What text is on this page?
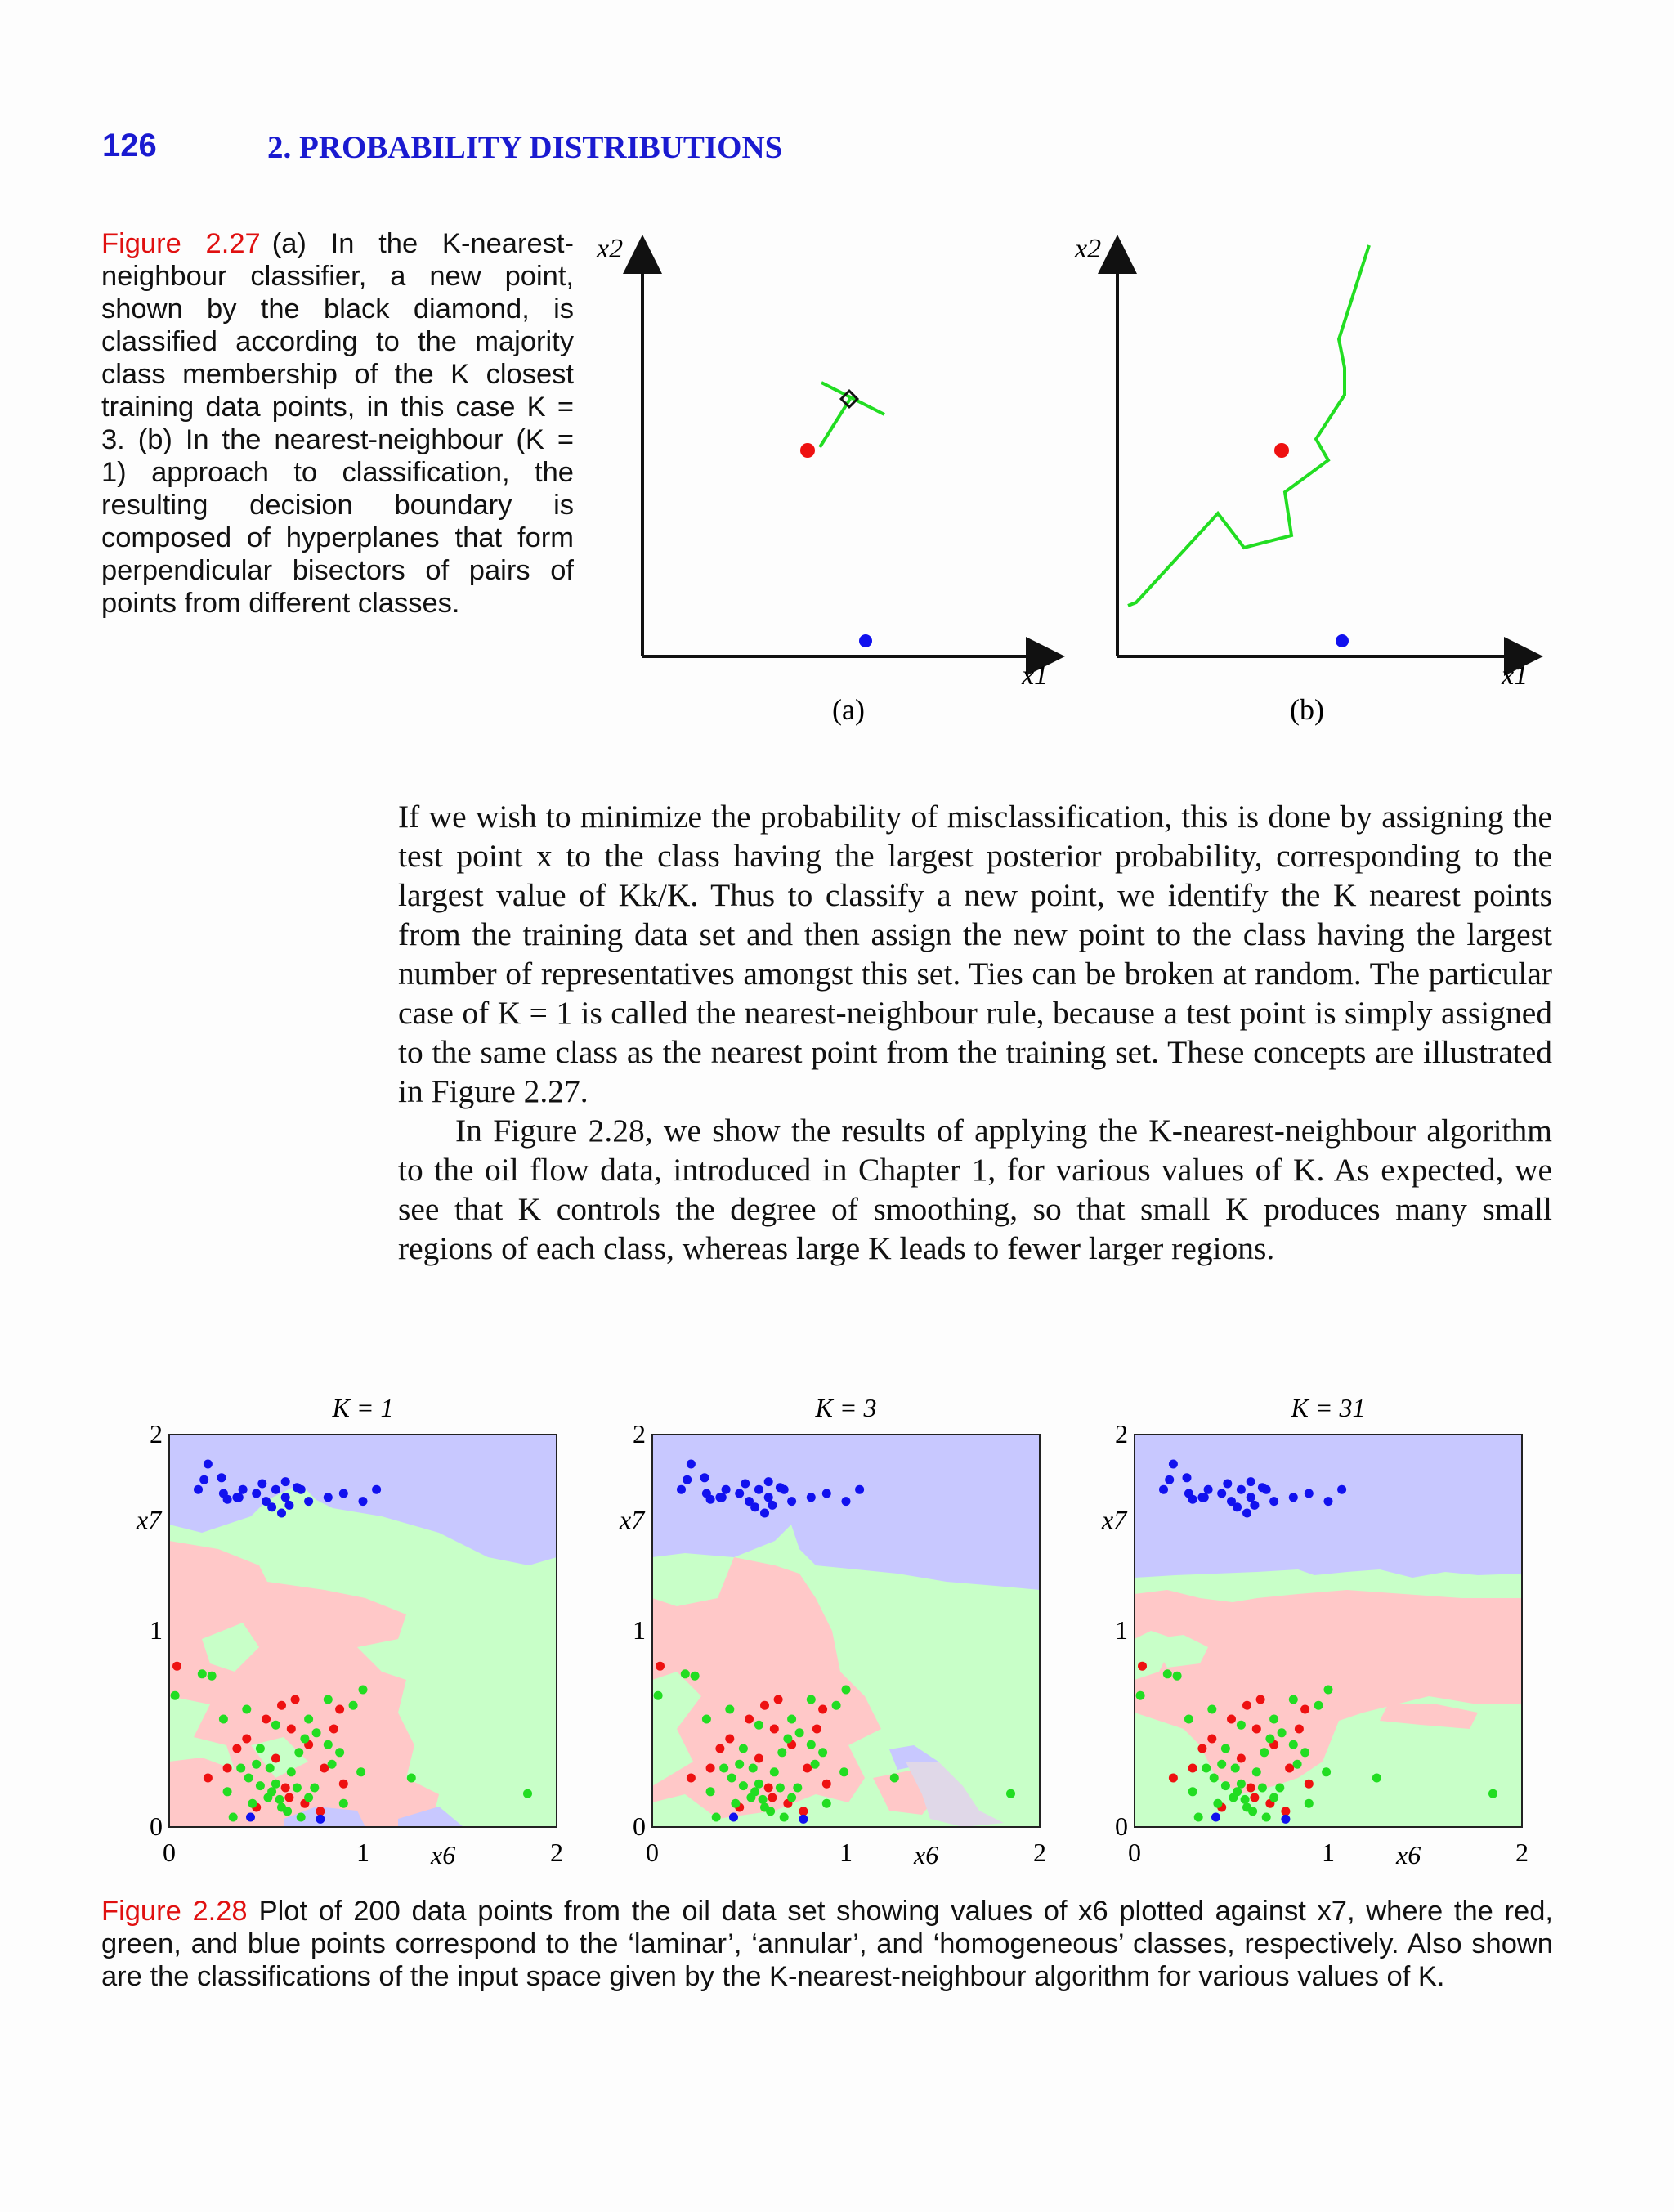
126	2. PROBABILITY DISTRIBUTIONS
Figure 2.27 (a) In the K-nearest-neighbour classifier, a new point, shown by the black diamond, is classified according to the majority class membership of the K closest training data points, in this case K = 3. (b) In the nearest-neighbour (K = 1) approach to classification, the resulting decision boundary is composed of hyperplanes that form perpendicular bisectors of pairs of points from different classes.
x2
x1
(a)
x2
x1
(b)

If we wish to minimize the probability of misclassification, this is done by assigning the test point x to the class having the largest posterior probability, corresponding to the largest value of Kk/K. Thus to classify a new point, we identify the K nearest points from the training data set and then assign the new point to the class having the largest number of representatives amongst this set. Ties can be broken at random. The particular case of K = 1 is called the nearest-neighbour rule, because a test point is simply assigned to the same class as the nearest point from the training set. These concepts are illustrated in Figure 2.27.

In Figure 2.28, we show the results of applying the K-nearest-neighbour algorithm to the oil flow data, introduced in Chapter 1, for various values of K. As expected, we see that K controls the degree of smoothing, so that small K produces many small regions of each class, whereas large K leads to fewer larger regions.

K = 1
x7
x6
2
1
0
0	1	2
K = 3
x7
x6
2
1
0
0	1	2
K = 31
x7
x6
2
1
0
0	1	2
Figure 2.28 Plot of 200 data points from the oil data set showing values of x6 plotted against x7, where the red, green, and blue points correspond to the ‘laminar’, ‘annular’, and ‘homogeneous’ classes, respectively. Also shown are the classifications of the input space given by the K-nearest-neighbour algorithm for various values of K.
